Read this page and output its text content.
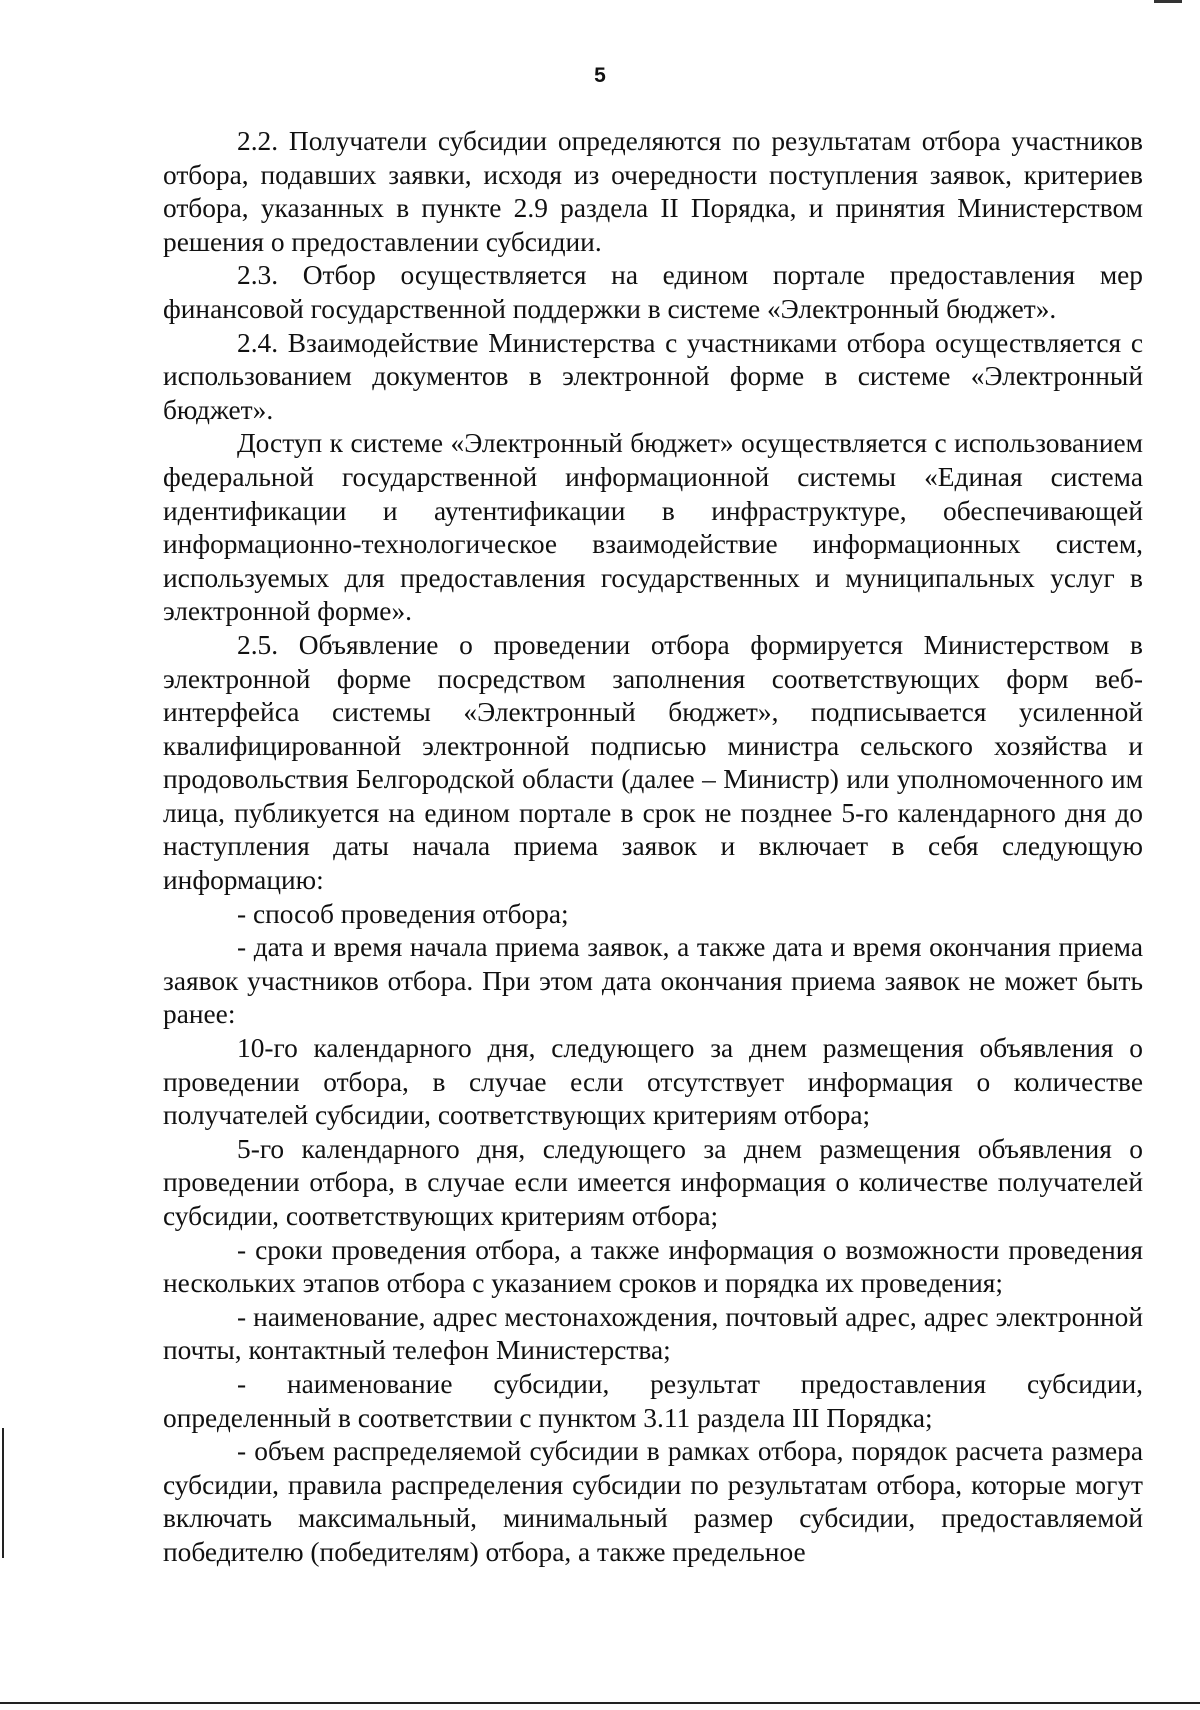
5

2.2. Получатели субсидии определяются по результатам отбора участников отбора, подавших заявки, исходя из очередности поступления заявок, критериев отбора, указанных в пункте 2.9 раздела II Порядка, и принятия Министерством решения о предоставлении субсидии.

2.3. Отбор осуществляется на едином портале предоставления мер финансовой государственной поддержки в системе «Электронный бюджет».

2.4. Взаимодействие Министерства с участниками отбора осуществляется с использованием документов в электронной форме в системе «Электронный бюджет».

Доступ к системе «Электронный бюджет» осуществляется с использованием федеральной государственной информационной системы «Единая система идентификации и аутентификации в инфраструктуре, обеспечивающей информационно-технологическое взаимодействие информационных систем, используемых для предоставления государственных и муниципальных услуг в электронной форме».

2.5. Объявление о проведении отбора формируется Министерством в электронной форме посредством заполнения соответствующих форм веб-интерфейса системы «Электронный бюджет», подписывается усиленной квалифицированной электронной подписью министра сельского хозяйства и продовольствия Белгородской области (далее – Министр) или уполномоченного им лица, публикуется на едином портале в срок не позднее 5-го календарного дня до наступления даты начала приема заявок и включает в себя следующую информацию:

- способ проведения отбора;

- дата и время начала приема заявок, а также дата и время окончания приема заявок участников отбора. При этом дата окончания приема заявок не может быть ранее:

10-го календарного дня, следующего за днем размещения объявления о проведении отбора, в случае если отсутствует информация о количестве получателей субсидии, соответствующих критериям отбора;

5-го календарного дня, следующего за днем размещения объявления о проведении отбора, в случае если имеется информация о количестве получателей субсидии, соответствующих критериям отбора;

- сроки проведения отбора, а также информация о возможности проведения нескольких этапов отбора с указанием сроков и порядка их проведения;

- наименование, адрес местонахождения, почтовый адрес, адрес электронной почты, контактный телефон Министерства;

- наименование субсидии, результат предоставления субсидии, определенный в соответствии с пунктом 3.11 раздела III Порядка;

- объем распределяемой субсидии в рамках отбора, порядок расчета размера субсидии, правила распределения субсидии по результатам отбора, которые могут включать максимальный, минимальный размер субсидии, предоставляемой победителю (победителям) отбора, а также предельное
